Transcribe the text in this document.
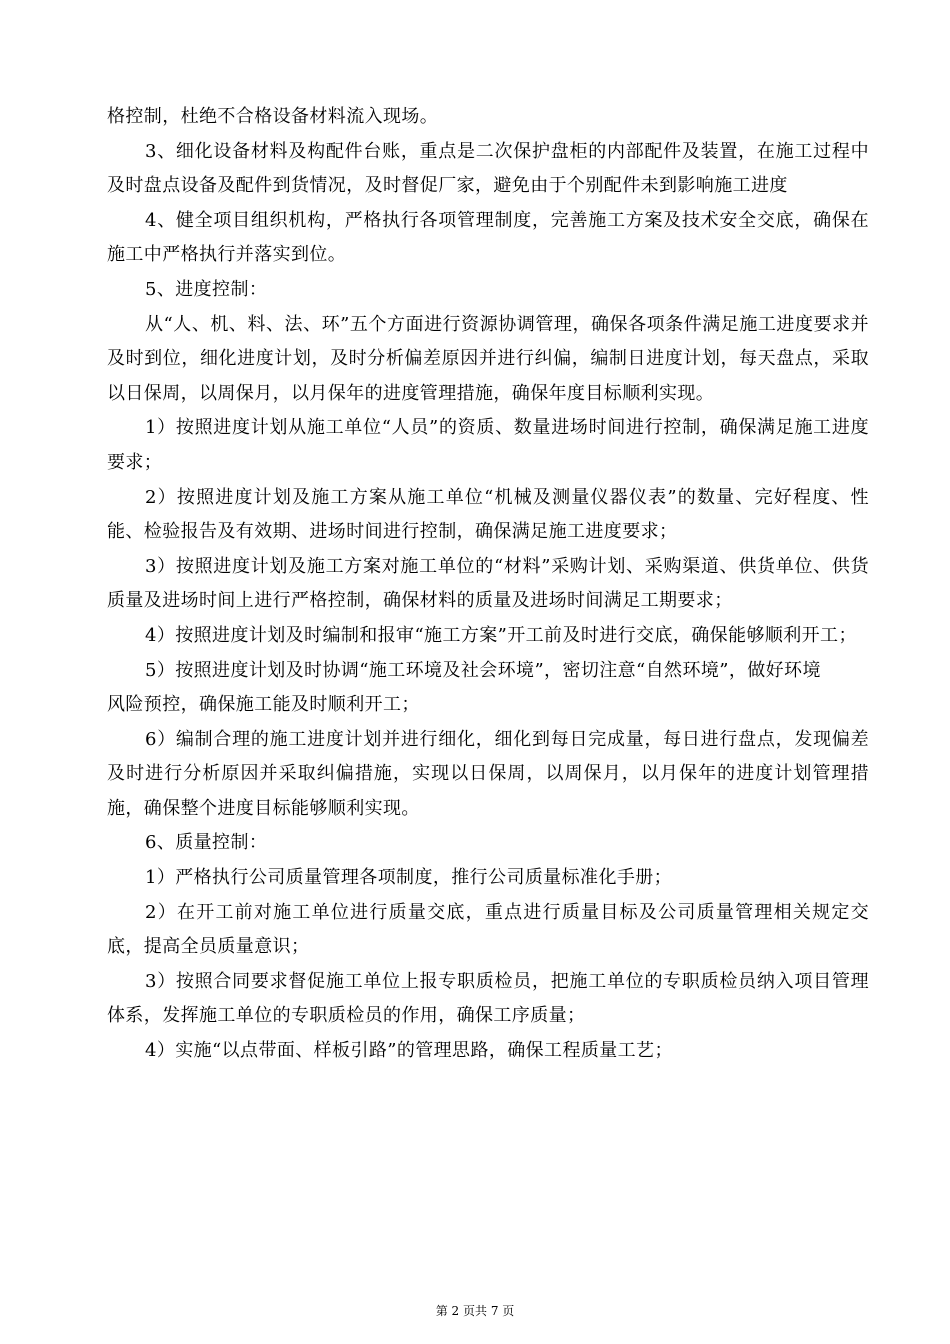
格控制，杜绝不合格设备材料流入现场。

3、细化设备材料及构配件台账，重点是二次保护盘柜的内部配件及装置，在施工过程中及时盘点设备及配件到货情况，及时督促厂家，避免由于个别配件未到影响施工进度

4、健全项目组织机构，严格执行各项管理制度，完善施工方案及技术安全交底，确保在施工中严格执行并落实到位。

5、进度控制：

从“人、机、料、法、环”五个方面进行资源协调管理，确保各项条件满足施工进度要求并及时到位，细化进度计划，及时分析偏差原因并进行纠偏，编制日进度计划，每天盘点，采取以日保周，以周保月，以月保年的进度管理措施，确保年度目标顺利实现。

1）按照进度计划从施工单位“人员”的资质、数量进场时间进行控制，确保满足施工进度要求；

2）按照进度计划及施工方案从施工单位“机械及测量仪器仪表”的数量、完好程度、性能、检验报告及有效期、进场时间进行控制，确保满足施工进度要求；

3）按照进度计划及施工方案对施工单位的“材料”采购计划、采购渠道、供货单位、供货质量及进场时间上进行严格控制，确保材料的质量及进场时间满足工期要求；

4）按照进度计划及时编制和报审“施工方案”开工前及时进行交底，确保能够顺利开工；

5）按照进度计划及时协调“施工环境及社会环境”，密切注意“自然环境”，做好环境

风险预控，确保施工能及时顺利开工；

6）编制合理的施工进度计划并进行细化，细化到每日完成量，每日进行盘点，发现偏差及时进行分析原因并采取纠偏措施，实现以日保周，以周保月，以月保年的进度计划管理措施，确保整个进度目标能够顺利实现。

6、质量控制：

1）严格执行公司质量管理各项制度，推行公司质量标准化手册；

2）在开工前对施工单位进行质量交底，重点进行质量目标及公司质量管理相关规定交底，提高全员质量意识；

3）按照合同要求督促施工单位上报专职质检员，把施工单位的专职质检员纳入项目管理体系，发挥施工单位的专职质检员的作用，确保工序质量；

4）实施“以点带面、样板引路”的管理思路，确保工程质量工艺；

第 2 页共 7 页
